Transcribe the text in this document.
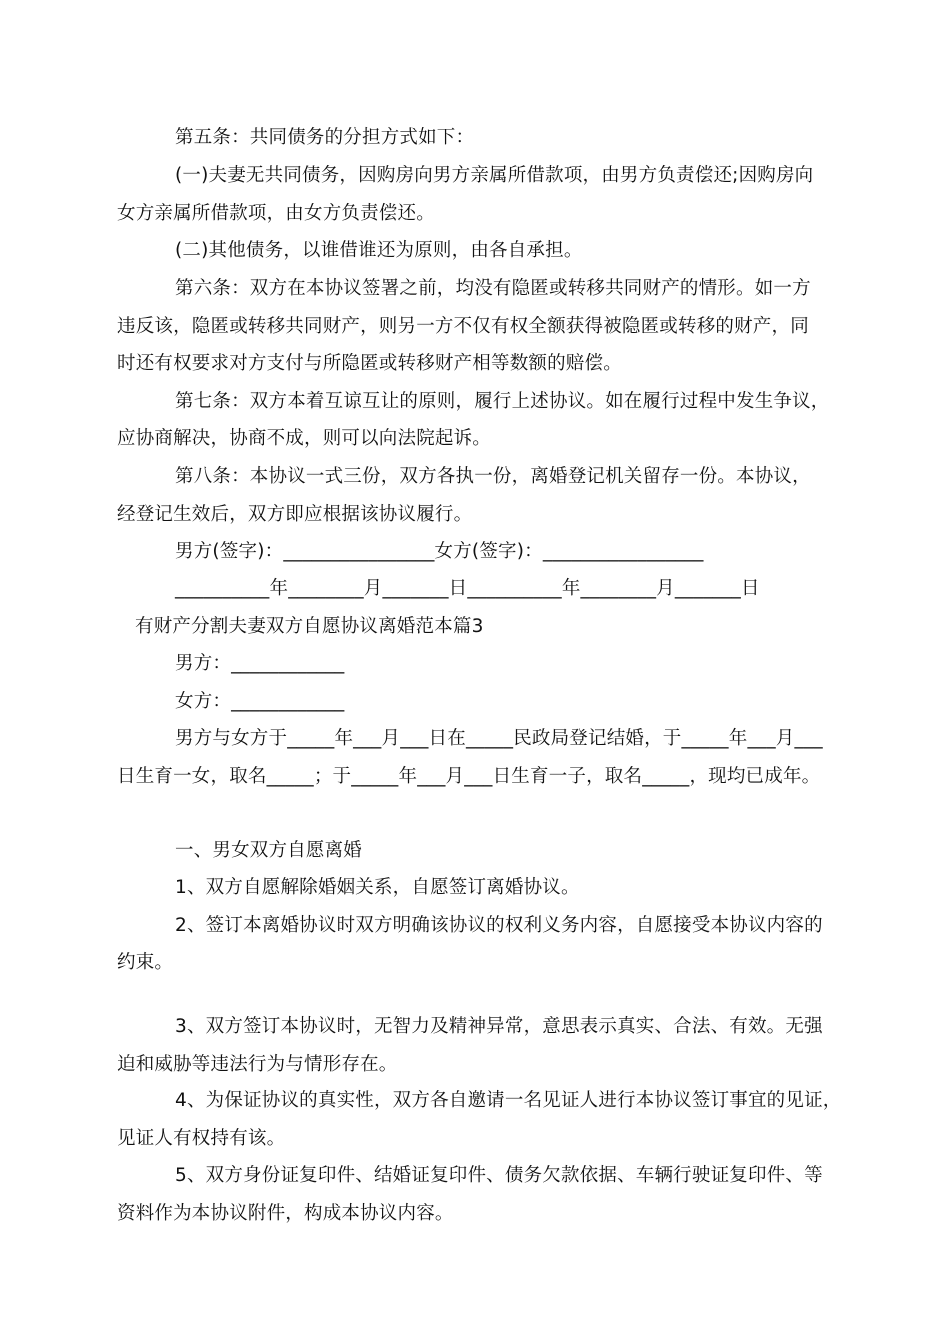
第五条：共同债务的分担方式如下：
(一)夫妻无共同债务，因购房向男方亲属所借款项，由男方负责偿还;因购房向
女方亲属所借款项，由女方负责偿还。
(二)其他债务，以谁借谁还为原则，由各自承担。
第六条：双方在本协议签署之前，均没有隐匿或转移共同财产的情形。如一方
违反该，隐匿或转移共同财产，则另一方不仅有权全额获得被隐匿或转移的财产，同
时还有权要求对方支付与所隐匿或转移财产相等数额的赔偿。
第七条：双方本着互谅互让的原则，履行上述协议。如在履行过程中发生争议，
应协商解决，协商不成，则可以向法院起诉。
第八条：本协议一式三份，双方各执一份，离婚登记机关留存一份。本协议，
经登记生效后，双方即应根据该协议履行。
男方(签字)：________________女方(签字)：_________________
__________年________月_______日__________年________月_______日
有财产分割夫妻双方自愿协议离婚范本篇3
男方：____________
女方：____________
男方与女方于_____年___月___日在_____民政局登记结婚，于_____年___月___
日生育一女，取名_____；于_____年___月___日生育一子，取名_____，现均已成年。
一、男女双方自愿离婚
1、双方自愿解除婚姻关系，自愿签订离婚协议。
2、签订本离婚协议时双方明确该协议的权利义务内容，自愿接受本协议内容的
约束。
3、双方签订本协议时，无智力及精神异常，意思表示真实、合法、有效。无强
迫和威胁等违法行为与情形存在。
4、为保证协议的真实性，双方各自邀请一名见证人进行本协议签订事宜的见证，
见证人有权持有该。
5、双方身份证复印件、结婚证复印件、债务欠款依据、车辆行驶证复印件、等
资料作为本协议附件，构成本协议内容。
